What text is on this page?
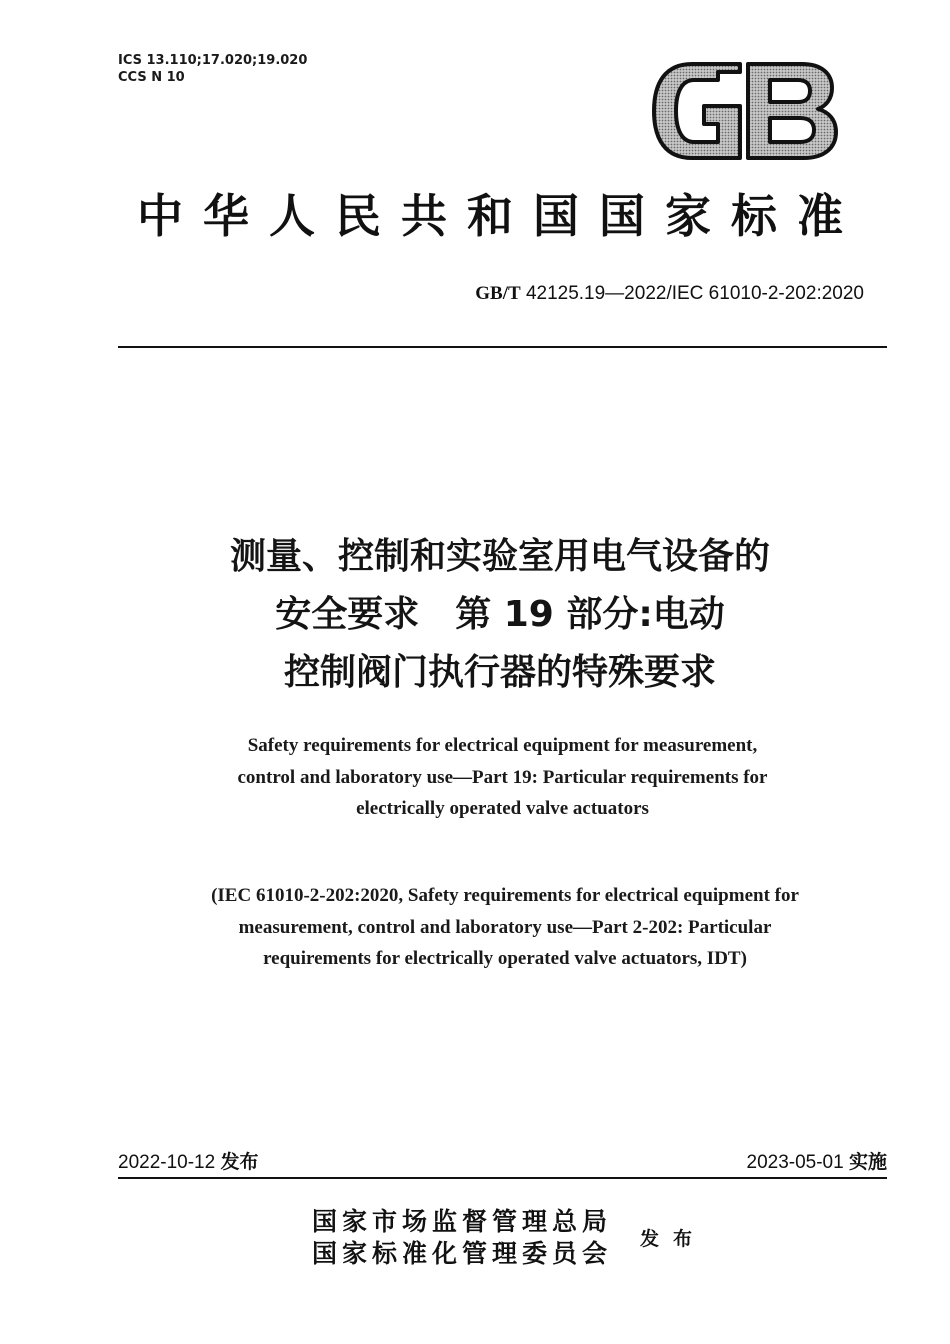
ICS 13.110;17.020;19.020
CCS N 10
中华人民共和国国家标准
GB/T 42125.19—2022/IEC 61010-2-202:2020
测量、控制和实验室用电气设备的
安全要求　第 19 部分:电动
控制阀门执行器的特殊要求
Safety requirements for electrical equipment for measurement,
control and laboratory use—Part 19: Particular requirements for
electrically operated valve actuators
(IEC 61010-2-202:2020, Safety requirements for electrical equipment for
measurement, control and laboratory use—Part 2-202: Particular
requirements for electrically operated valve actuators, IDT)
2022-10-12 发布	2023-05-01 实施
国家市场监督管理总局
国家标准化管理委员会 发布
